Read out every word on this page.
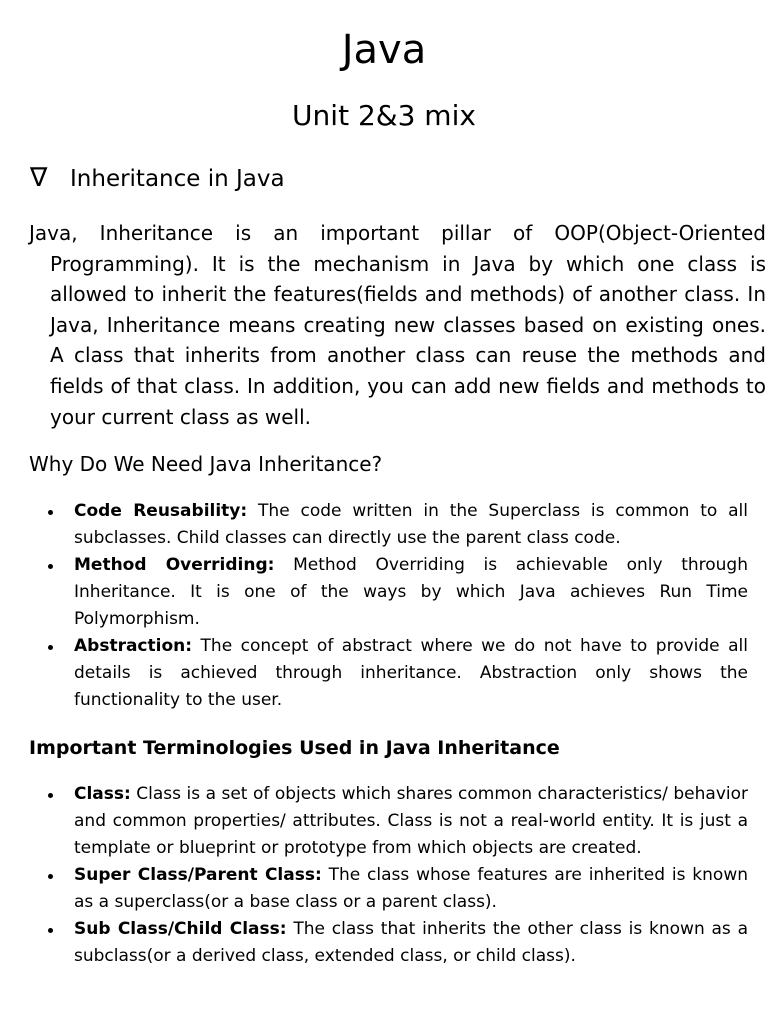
Java
Unit 2&3 mix
∇ Inheritance in Java

Java, Inheritance is an important pillar of OOP(Object-Oriented Programming). It is the mechanism in Java by which one class is allowed to inherit the features(fields and methods) of another class. In Java, Inheritance means creating new classes based on existing ones. A class that inherits from another class can reuse the methods and fields of that class. In addition, you can add new fields and methods to your current class as well.

Why Do We Need Java Inheritance?

Code Reusability: The code written in the Superclass is common to all subclasses. Child classes can directly use the parent class code.
Method Overriding: Method Overriding is achievable only through Inheritance. It is one of the ways by which Java achieves Run Time Polymorphism.
Abstraction: The concept of abstract where we do not have to provide all details is achieved through inheritance. Abstraction only shows the functionality to the user.
Important Terminologies Used in Java Inheritance
Class: Class is a set of objects which shares common characteristics/ behavior and common properties/ attributes. Class is not a real-world entity. It is just a template or blueprint or prototype from which objects are created.
Super Class/Parent Class: The class whose features are inherited is known as a superclass(or a base class or a parent class).
Sub Class/Child Class: The class that inherits the other class is known as a subclass(or a derived class, extended class, or child class).
